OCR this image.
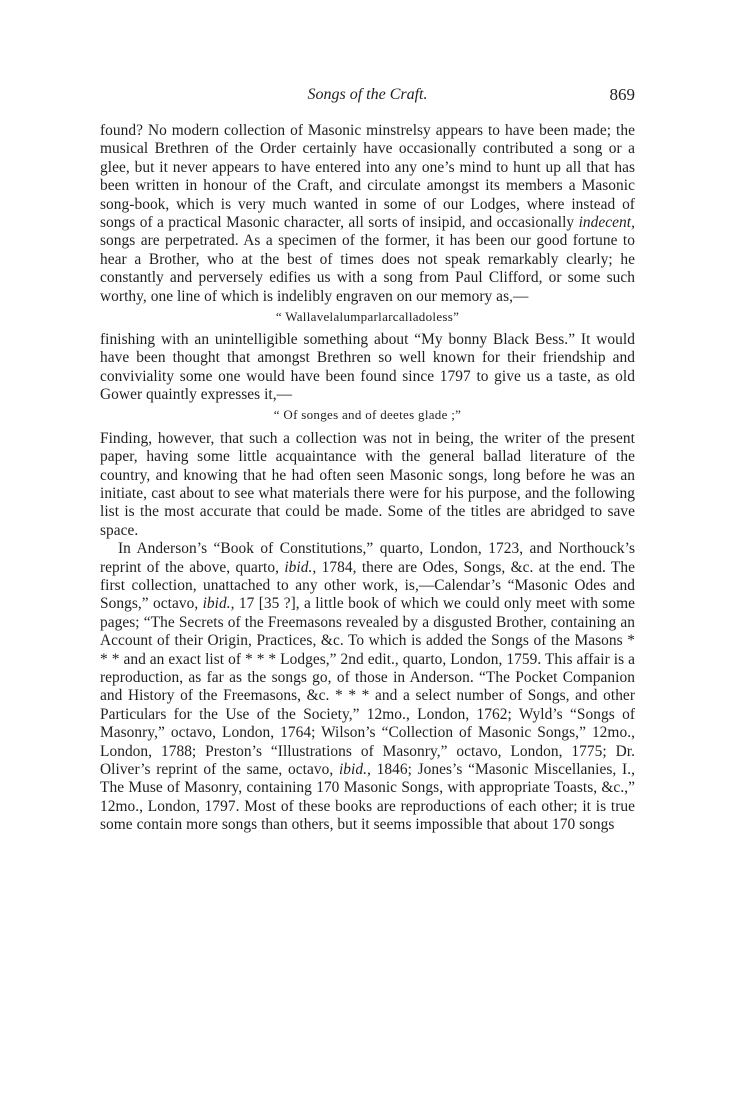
Songs of the Craft.	869

found? No modern collection of Masonic minstrelsy appears to have been made; the musical Brethren of the Order certainly have occasionally contributed a song or a glee, but it never appears to have entered into any one’s mind to hunt up all that has been written in honour of the Craft, and circulate amongst its members a Masonic song-book, which is very much wanted in some of our Lodges, where instead of songs of a practical Masonic character, all sorts of insipid, and occasionally indecent, songs are perpetrated. As a specimen of the former, it has been our good fortune to hear a Brother, who at the best of times does not speak remarkably clearly; he constantly and perversely edifies us with a song from Paul Clifford, or some such worthy, one line of which is indelibly engraven on our memory as,—

“ Wallavelalumparlarcalladoless”

finishing with an unintelligible something about “My bonny Black Bess.” It would have been thought that amongst Brethren so well known for their friendship and conviviality some one would have been found since 1797 to give us a taste, as old Gower quaintly expresses it,—

“ Of songes and of deetes glade ;”

Finding, however, that such a collection was not in being, the writer of the present paper, having some little acquaintance with the general ballad literature of the country, and knowing that he had often seen Masonic songs, long before he was an initiate, cast about to see what materials there were for his purpose, and the following list is the most accurate that could be made. Some of the titles are abridged to save space.

In Anderson’s “Book of Constitutions,” quarto, London, 1723, and Northouck’s reprint of the above, quarto, ibid., 1784, there are Odes, Songs, &c. at the end. The first collection, unattached to any other work, is,—Calendar’s “Masonic Odes and Songs,” octavo, ibid., 17 [35 ?], a little book of which we could only meet with some pages; “The Secrets of the Freemasons revealed by a disgusted Brother, containing an Account of their Origin, Practices, &c. To which is added the Songs of the Masons * * * and an exact list of * * * Lodges,” 2nd edit., quarto, London, 1759. This affair is a reproduction, as far as the songs go, of those in Anderson. “The Pocket Companion and History of the Freemasons, &c. * * * and a select number of Songs, and other Particulars for the Use of the Society,” 12mo., London, 1762; Wyld’s “Songs of Masonry,” octavo, London, 1764; Wilson’s “Collection of Masonic Songs,” 12mo., London, 1788; Preston’s “Illustrations of Masonry,” octavo, London, 1775; Dr. Oliver’s reprint of the same, octavo, ibid., 1846; Jones’s “Masonic Miscellanies, I., The Muse of Masonry, containing 170 Masonic Songs, with appropriate Toasts, &c.,” 12mo., London, 1797. Most of these books are reproductions of each other; it is true some contain more songs than others, but it seems impossible that about 170 songs
